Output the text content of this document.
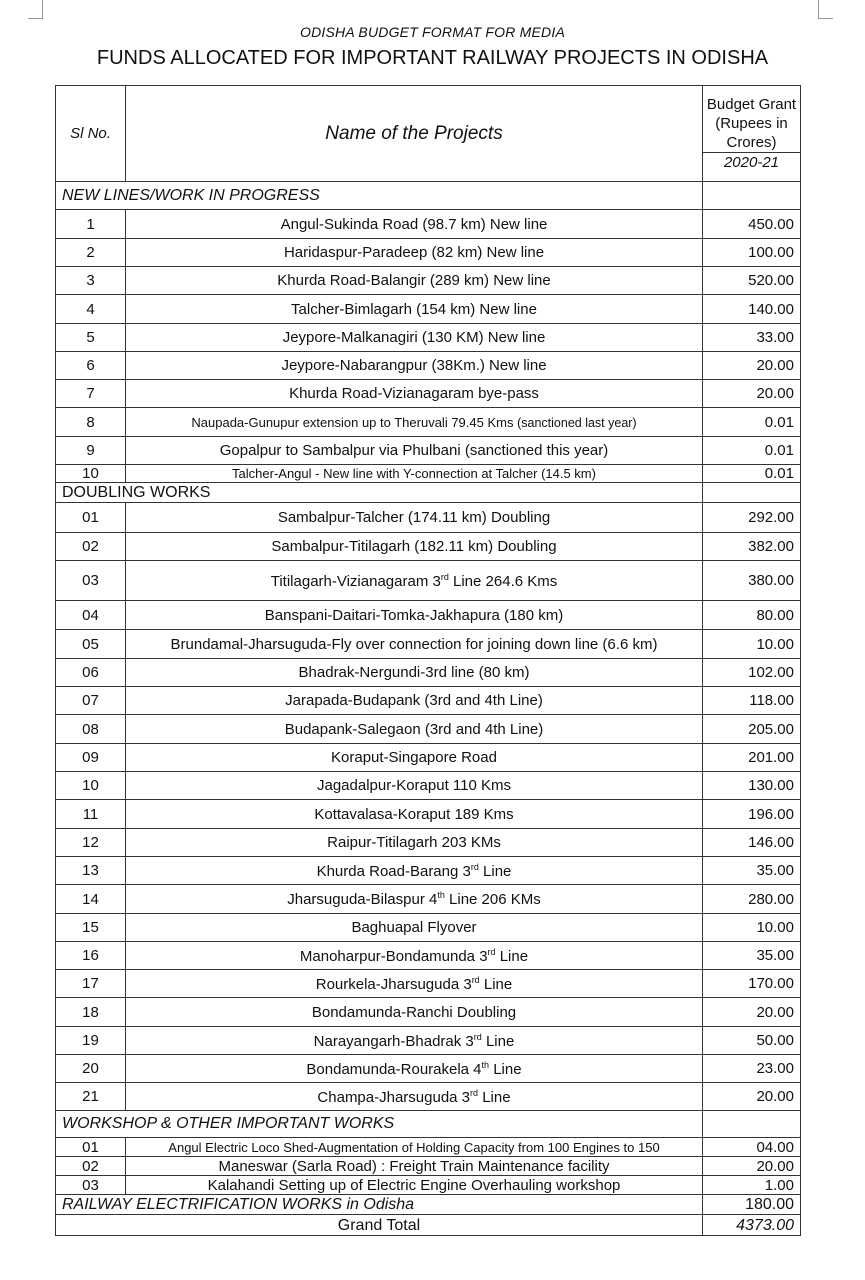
ODISHA BUDGET FORMAT FOR MEDIA
FUNDS ALLOCATED FOR IMPORTANT RAILWAY PROJECTS IN ODISHA
Sl No.	Name of the Projects	Budget Grant (Rupees in Crores)
2020-21

NEW LINES/WORK IN PROGRESS		
1	Angul-Sukinda Road (98.7 km) New line	450.00
2	Haridaspur-Paradeep (82 km) New line	100.00
3	Khurda Road-Balangir (289 km) New line	520.00
4	Talcher-Bimlagarh (154 km) New line	140.00
5	Jeypore-Malkanagiri (130 KM) New line	33.00
6	Jeypore-Nabarangpur (38Km.) New line	20.00
7	Khurda Road-Vizianagaram bye-pass	20.00
8	Naupada-Gunupur extension up to Theruvali 79.45 Kms (sanctioned last year)	0.01
9	Gopalpur to Sambalpur via Phulbani (sanctioned this year)	0.01
10	Talcher-Angul - New line with Y-connection at Talcher (14.5 km)	0.01
DOUBLING WORKS		
01	Sambalpur-Talcher (174.11 km) Doubling	292.00
02	Sambalpur-Titilagarh (182.11 km) Doubling	382.00
03	Titilagarh-Vizianagaram 3rd Line 264.6 Kms	380.00
04	Banspani-Daitari-Tomka-Jakhapura (180 km)	80.00
05	Brundamal-Jharsuguda-Fly over connection for joining down line (6.6 km)	10.00
06	Bhadrak-Nergundi-3rd line (80 km)	102.00
07	Jarapada-Budapank (3rd and 4th Line)	118.00
08	Budapank-Salegaon (3rd and 4th Line)	205.00
09	Koraput-Singapore Road	201.00
10	Jagadalpur-Koraput 110 Kms	130.00
11	Kottavalasa-Koraput 189 Kms	196.00
12	Raipur-Titilagarh 203 KMs	146.00
13	Khurda Road-Barang 3rd Line	35.00
14	Jharsuguda-Bilaspur 4th Line 206 KMs	280.00
15	Baghuapal Flyover	10.00
16	Manoharpur-Bondamunda 3rd Line	35.00
17	Rourkela-Jharsuguda 3rd Line	170.00
18	Bondamunda-Ranchi Doubling	20.00
19	Narayangarh-Bhadrak 3rd Line	50.00
20	Bondamunda-Rourakela 4th Line	23.00
21	Champa-Jharsuguda 3rd Line	20.00
WORKSHOP & OTHER IMPORTANT WORKS		
01	Angul Electric Loco Shed-Augmentation of Holding Capacity from 100 Engines to 150	04.00
02	Maneswar (Sarla Road) : Freight Train Maintenance facility	20.00
03	Kalahandi Setting up of Electric Engine Overhauling workshop	1.00
RAILWAY ELECTRIFICATION WORKS in Odisha		180.00
Grand Total		4373.00
